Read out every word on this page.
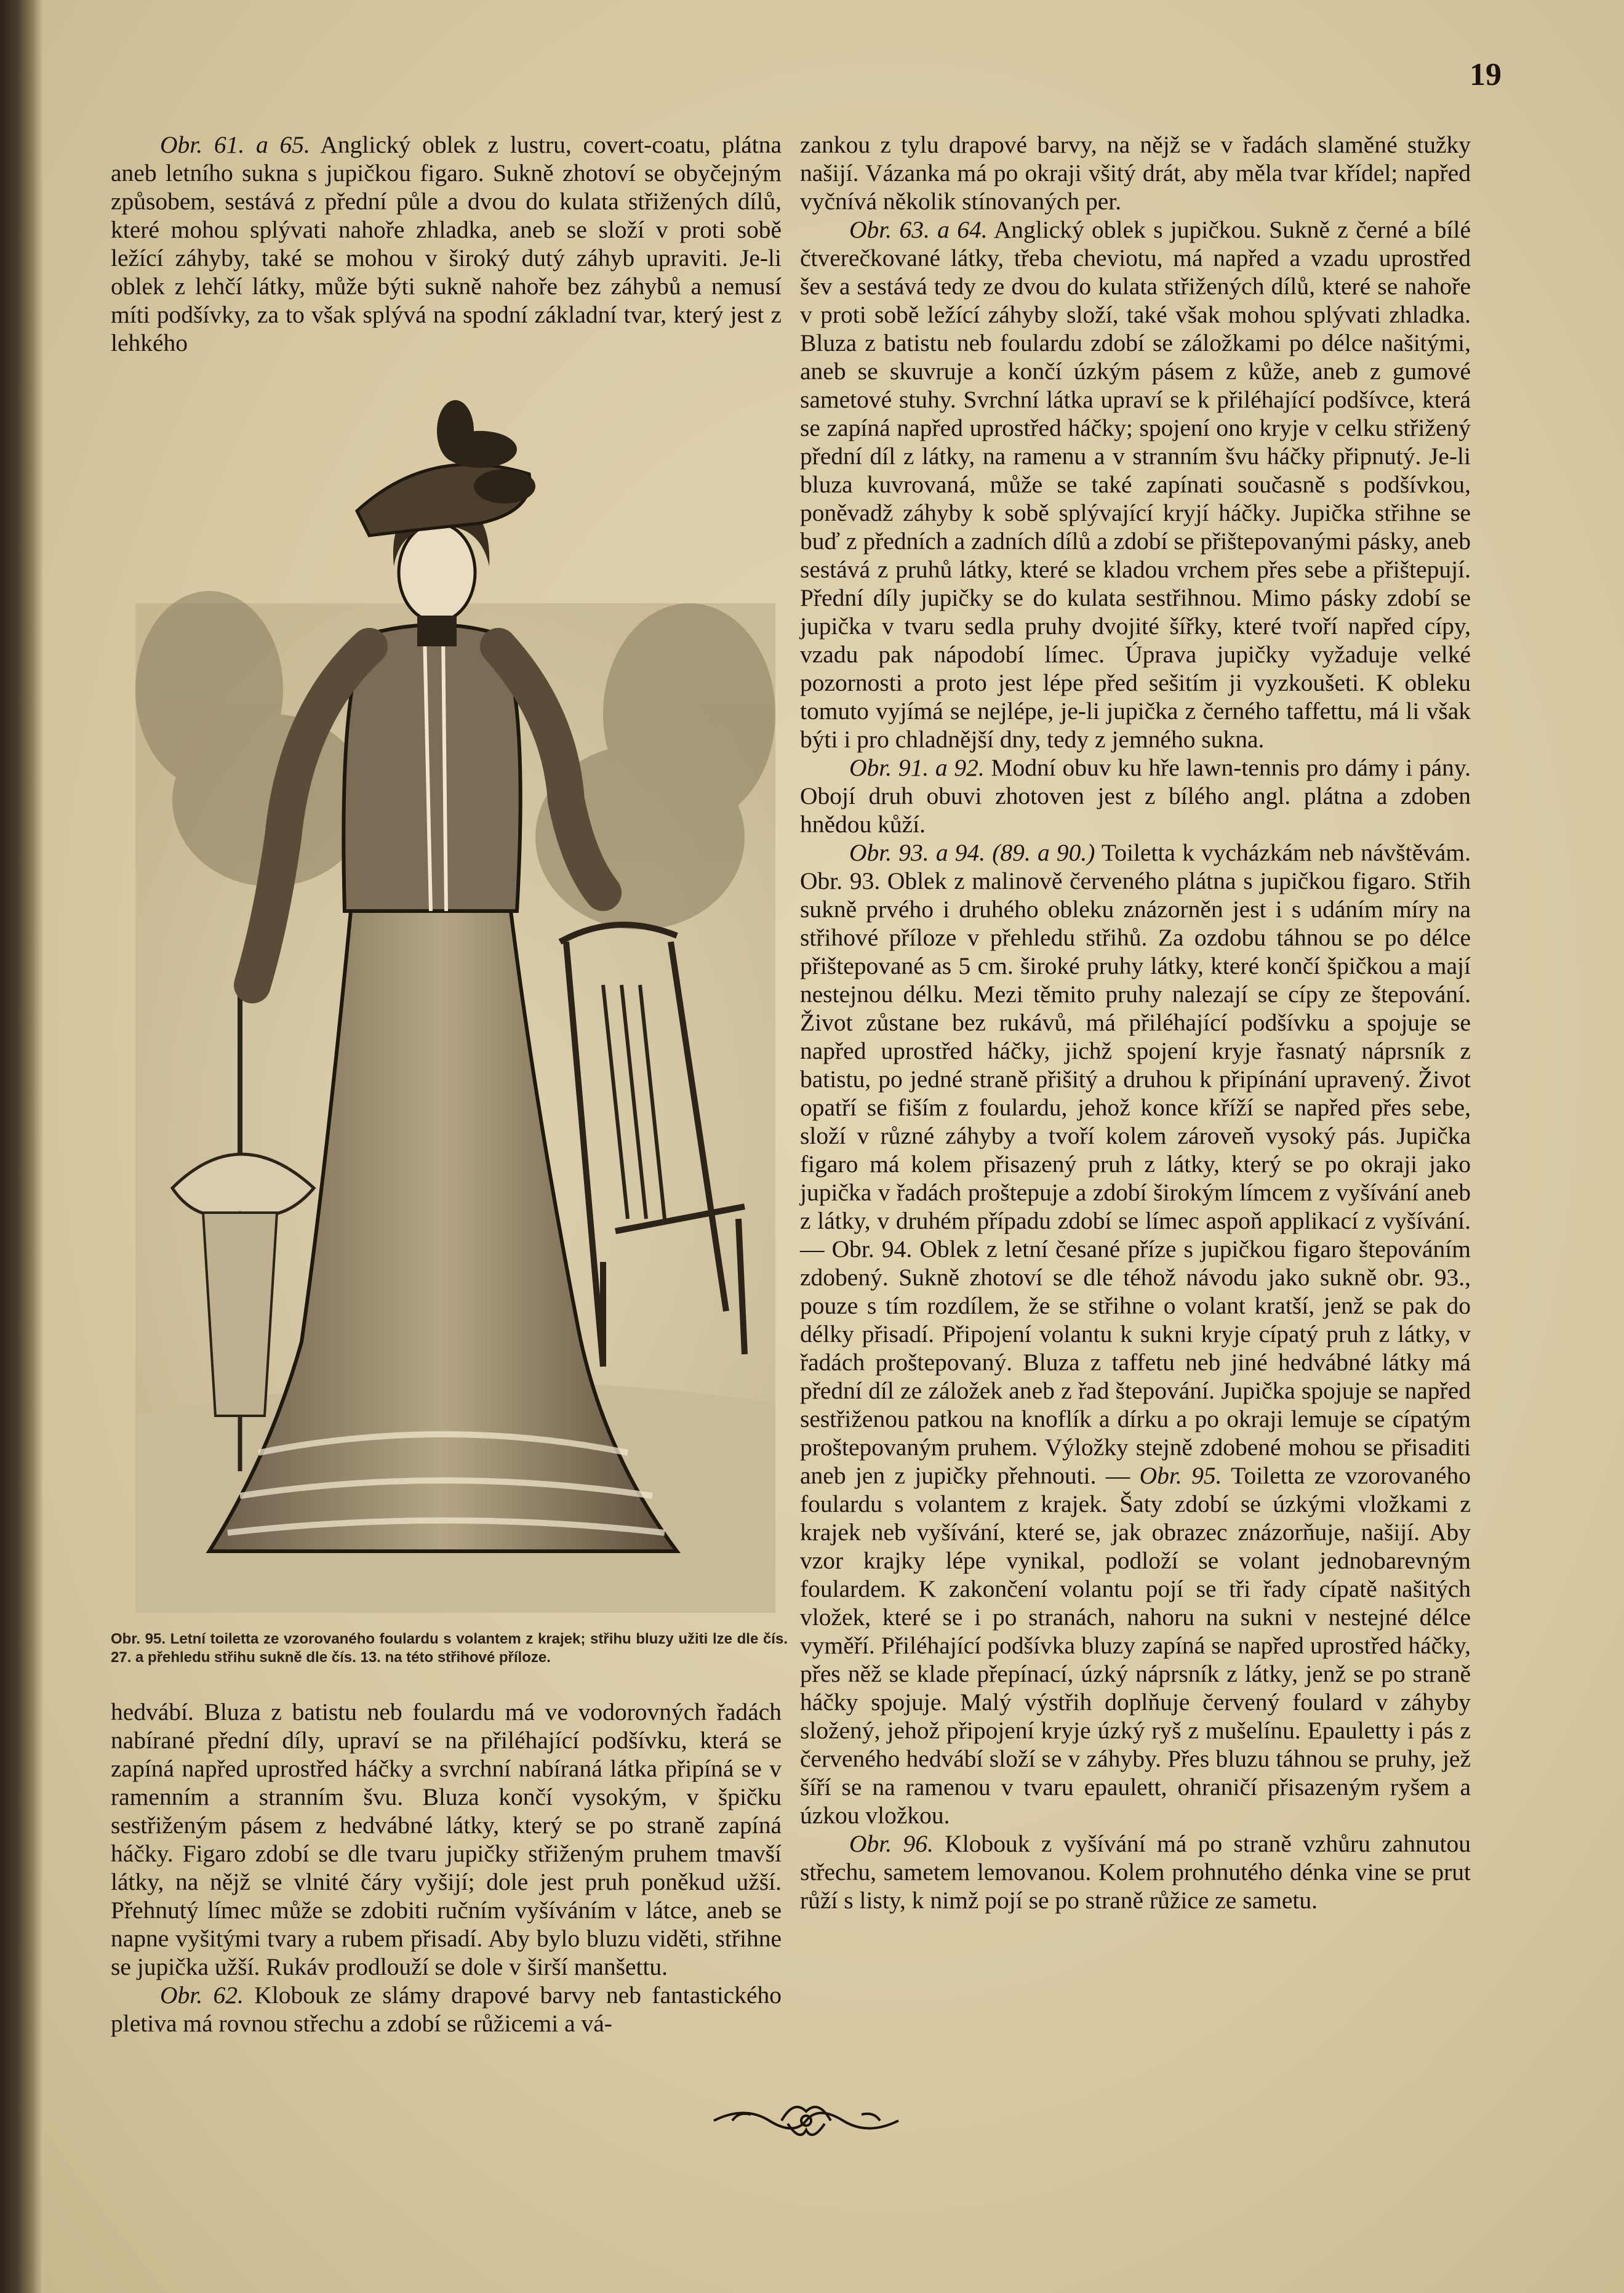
19

Obr. 61. a 65. Anglický oblek z lustru, covert-coatu, plátna aneb letního sukna s jupičkou figaro. Sukně zhotoví se obyčejným způsobem, sestává z přední půle a dvou do kulata střižených dílů, které mohou splývati nahoře zhladka, aneb se složí v proti sobě ležící záhyby, také se mohou v široký dutý záhyb upraviti. Je-li oblek z lehčí látky, může býti sukně nahoře bez záhybů a nemusí míti podšívky, za to však splývá na spodní základní tvar, který jest z lehkého

Obr. 95. Letní toiletta ze vzorovaného foulardu s volantem z krajek; střihu bluzy užiti lze dle čís. 27. a přehledu střihu sukně dle čís. 13. na této střihové příloze.

hedvábí. Bluza z batistu neb foulardu má ve vodorovných řadách nabírané přední díly, upraví se na přiléhající podšívku, která se zapíná napřed uprostřed háčky a svrchní nabíraná látka připíná se v ramenním a stranním švu. Bluza končí vysokým, v špičku sestřiženým pásem z hedvábné látky, který se po straně zapíná háčky. Figaro zdobí se dle tvaru jupičky střiženým pruhem tmavší látky, na nějž se vlnité čáry vyšijí; dole jest pruh poněkud užší. Přehnutý límec může se zdobiti ručním vyšíváním v látce, aneb se napne vyšitými tvary a rubem přisadí. Aby bylo bluzu viděti, střihne se jupička užší. Rukáv prodlouží se dole v širší manšettu.

Obr. 62. Klobouk ze slámy drapové barvy neb fantastického pletiva má rovnou střechu a zdobí se růžicemi a vá-

zankou z tylu drapové barvy, na nějž se v řadách slaměné stužky našijí. Vázanka má po okraji všitý drát, aby měla tvar křídel; napřed vyčnívá několik stínovaných per.

Obr. 63. a 64. Anglický oblek s jupičkou. Sukně z černé a bílé čtverečkované látky, třeba cheviotu, má napřed a vzadu uprostřed šev a sestává tedy ze dvou do kulata střižených dílů, které se nahoře v proti sobě ležící záhyby složí, také však mohou splývati zhladka. Bluza z batistu neb foulardu zdobí se záložkami po délce našitými, aneb se skuvruje a končí úzkým pásem z kůže, aneb z gumové sametové stuhy. Svrchní látka upraví se k přiléhající podšívce, která se zapíná napřed uprostřed háčky; spojení ono kryje v celku střižený přední díl z látky, na ramenu a v stranním švu háčky připnutý. Je-li bluza kuvrovaná, může se také zapínati současně s podšívkou, poněvadž záhyby k sobě splývající kryjí háčky. Jupička střihne se buď z předních a zadních dílů a zdobí se přištepovanými pásky, aneb sestává z pruhů látky, které se kladou vrchem přes sebe a přištepují. Přední díly jupičky se do kulata sestřihnou. Mimo pásky zdobí se jupička v tvaru sedla pruhy dvojité šířky, které tvoří napřed cípy, vzadu pak nápodobí límec. Úprava jupičky vyžaduje velké pozornosti a proto jest lépe před sešitím ji vyzkoušeti. K obleku tomuto vyjímá se nejlépe, je-li jupička z černého taffettu, má li však býti i pro chladnější dny, tedy z jemného sukna.

Obr. 91. a 92. Modní obuv ku hře lawn-tennis pro dámy i pány. Obojí druh obuvi zhotoven jest z bílého angl. plátna a zdoben hnědou kůží.

Obr. 93. a 94. (89. a 90.) Toiletta k vycházkám neb návštěvám. Obr. 93. Oblek z malinově červeného plátna s jupičkou figaro. Střih sukně prvého i druhého obleku znázorněn jest i s udáním míry na střihové příloze v přehledu střihů. Za ozdobu táhnou se po délce přištepované as 5 cm. široké pruhy látky, které končí špičkou a mají nestejnou délku. Mezi těmito pruhy nalezají se cípy ze štepování. Život zůstane bez rukávů, má přiléhající podšívku a spojuje se napřed uprostřed háčky, jichž spojení kryje řasnatý náprsník z batistu, po jedné straně přišitý a druhou k připínání upravený. Život opatří se fiším z foulardu, jehož konce kříží se napřed přes sebe, složí v různé záhyby a tvoří kolem zároveň vysoký pás. Jupička figaro má kolem přisazený pruh z látky, který se po okraji jako jupička v řadách proštepuje a zdobí širokým límcem z vyšívání aneb z látky, v druhém případu zdobí se límec aspoň applikací z vyšívání. — Obr. 94. Oblek z letní česané příze s jupičkou figaro štepováním zdobený. Sukně zhotoví se dle téhož návodu jako sukně obr. 93., pouze s tím rozdílem, že se střihne o volant kratší, jenž se pak do délky přisadí. Připojení volantu k sukni kryje cípatý pruh z látky, v řadách proštepovaný. Bluza z taffetu neb jiné hedvábné látky má přední díl ze záložek aneb z řad štepování. Jupička spojuje se napřed sestřiženou patkou na knoflík a dírku a po okraji lemuje se cípatým proštepovaným pruhem. Výložky stejně zdobené mohou se přisaditi aneb jen z jupičky přehnouti. — Obr. 95. Toiletta ze vzorovaného foulardu s volantem z krajek. Šaty zdobí se úzkými vložkami z krajek neb vyšívání, které se, jak obrazec znázorňuje, našijí. Aby vzor krajky lépe vynikal, podloží se volant jednobarevným foulardem. K zakončení volantu pojí se tři řady cípatě našitých vložek, které se i po stranách, nahoru na sukni v nestejné délce vyměří. Přiléhající podšívka bluzy zapíná se napřed uprostřed háčky, přes něž se klade přepínací, úzký náprsník z látky, jenž se po straně háčky spojuje. Malý výstřih doplňuje červený foulard v záhyby složený, jehož připojení kryje úzký ryš z mušelínu. Epauletty i pás z červeného hedvábí složí se v záhyby. Přes bluzu táhnou se pruhy, jež šíří se na ramenou v tvaru epaulett, ohraničí přisazeným ryšem a úzkou vložkou.

Obr. 96. Klobouk z vyšívání má po straně vzhůru zahnutou střechu, sametem lemovanou. Kolem prohnutého dénka vine se prut růží s listy, k nimž pojí se po straně růžice ze sametu.
